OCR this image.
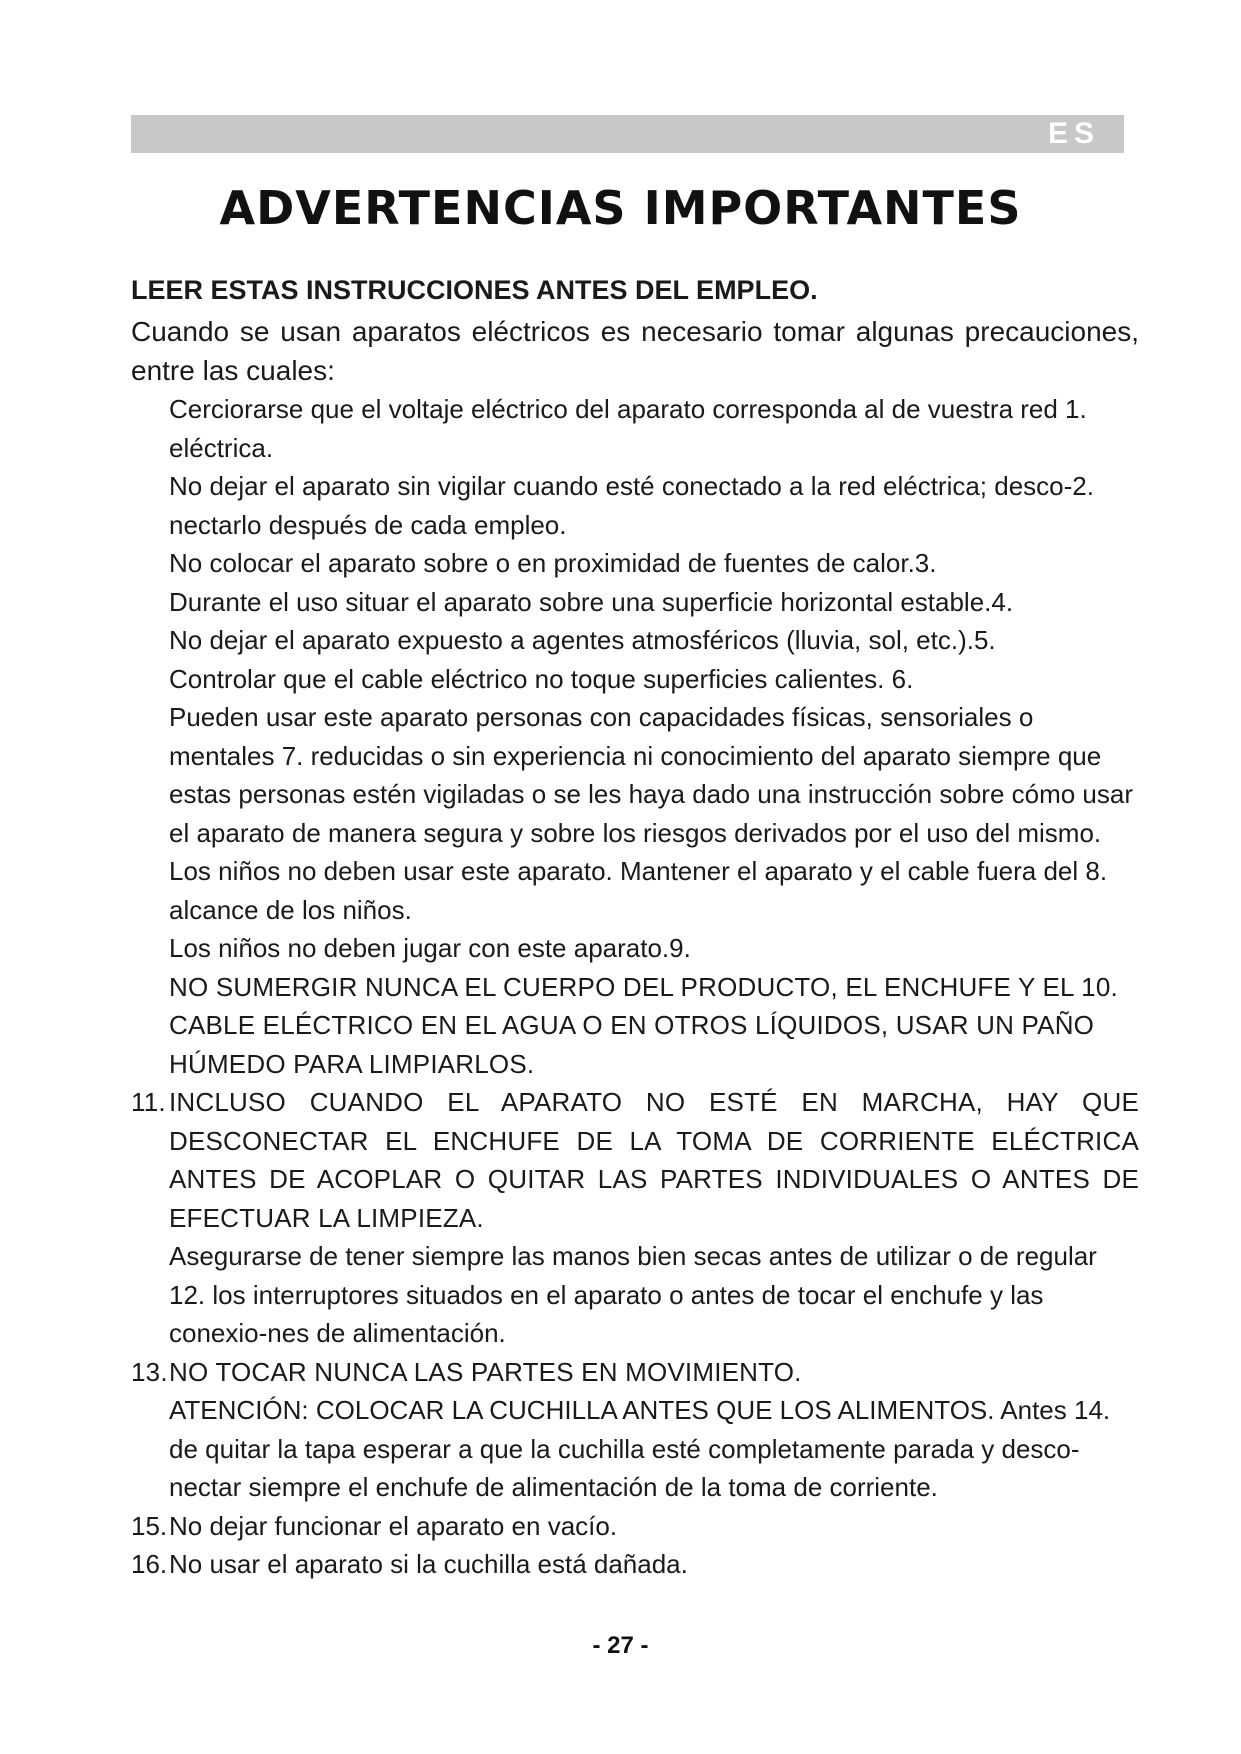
ES
ADVERTENCIAS IMPORTANTES

LEER ESTAS INSTRUCCIONES ANTES DEL EMPLEO.

Cuando se usan aparatos eléctricos es necesario tomar algunas precauciones, entre las cuales:

Cerciorarse que el voltaje eléctrico del aparato corresponda al de vuestra red 1. eléctrica.
No dejar el aparato sin vigilar cuando esté conectado a la red eléctrica; desco-2. nectarlo después de cada empleo.
No colocar el aparato sobre o en proximidad de fuentes de calor.3.
Durante el uso situar el aparato sobre una superficie horizontal estable.4.
No dejar el aparato expuesto a agentes atmosféricos (lluvia, sol, etc.).5.
Controlar que el cable eléctrico no toque superficies calientes. 6.
Pueden usar este aparato personas con capacidades físicas, sensoriales o mentales 7. reducidas o sin experiencia ni conocimiento del aparato siempre que estas personas estén vigiladas o se les haya dado una instrucción sobre cómo usar el aparato de manera segura y sobre los riesgos derivados por el uso del mismo.
Los niños no deben usar este aparato. Mantener el aparato y el cable fuera del 8. alcance de los niños.
Los niños no deben jugar con este aparato.9.
NO SUMERGIR NUNCA EL CUERPO DEL PRODUCTO, EL ENCHUFE Y EL 10. CABLE ELÉCTRICO EN EL AGUA O EN OTROS LÍQUIDOS, USAR UN PAÑO HÚMEDO PARA LIMPIARLOS.
11. INCLUSO CUANDO EL APARATO NO ESTÉ EN MARCHA, HAY QUE DESCONECTAR EL ENCHUFE DE LA TOMA DE CORRIENTE ELÉCTRICA ANTES DE ACOPLAR O QUITAR LAS PARTES INDIVIDUALES O ANTES DE EFECTUAR LA LIMPIEZA.
Asegurarse de tener siempre las manos bien secas antes de utilizar o de regular 12. los interruptores situados en el aparato o antes de tocar el enchufe y las conexio-nes de alimentación.
13. NO TOCAR NUNCA LAS PARTES EN MOVIMIENTO.
ATENCIÓN: COLOCAR LA CUCHILLA ANTES QUE LOS ALIMENTOS. Antes 14. de quitar la tapa esperar a que la cuchilla esté completamente parada y desco-nectar siempre el enchufe de alimentación de la toma de corriente.
15. No dejar funcionar el aparato en vacío.
16. No usar el aparato si la cuchilla está dañada.
- 27 -
